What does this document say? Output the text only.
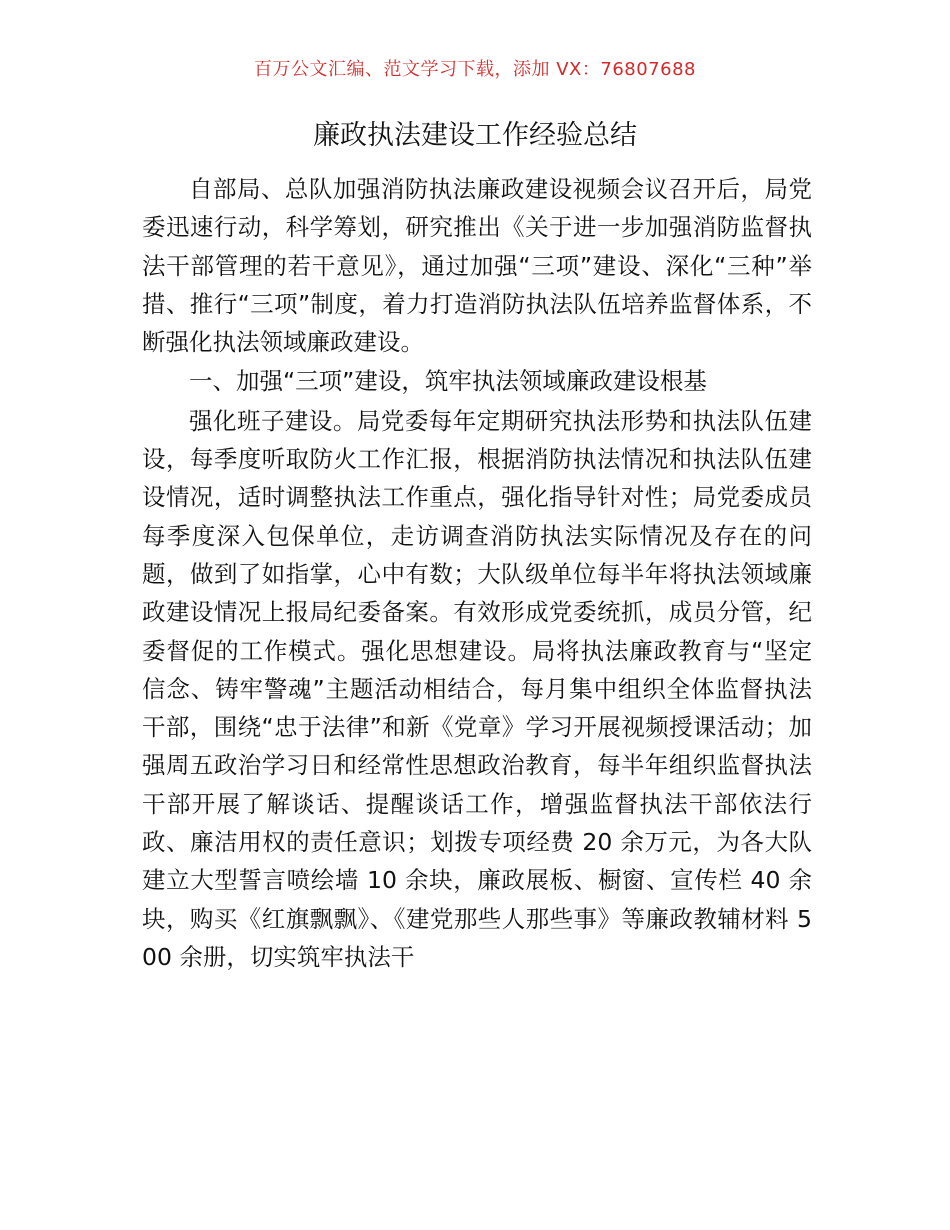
百万公文汇编、范文学习下载，添加 VX：76807688
廉政执法建设工作经验总结

自部局、总队加强消防执法廉政建设视频会议召开后，局党委迅速行动，科学筹划，研究推出《关于进一步加强消防监督执法干部管理的若干意见》，通过加强“三项”建设、深化“三种”举措、推行“三项”制度，着力打造消防执法队伍培养监督体系，不断强化执法领域廉政建设。

一、加强“三项”建设，筑牢执法领域廉政建设根基

强化班子建设。局党委每年定期研究执法形势和执法队伍建设，每季度听取防火工作汇报，根据消防执法情况和执法队伍建设情况，适时调整执法工作重点，强化指导针对性；局党委成员每季度深入包保单位，走访调查消防执法实际情况及存在的问题，做到了如指掌，心中有数；大队级单位每半年将执法领域廉政建设情况上报局纪委备案。有效形成党委统抓，成员分管，纪委督促的工作模式。强化思想建设。局将执法廉政教育与“坚定信念、铸牢警魂”主题活动相结合，每月集中组织全体监督执法干部，围绕“忠于法律”和新《党章》学习开展视频授课活动；加强周五政治学习日和经常性思想政治教育，每半年组织监督执法干部开展了解谈话、提醒谈话工作，增强监督执法干部依法行政、廉洁用权的责任意识；划拨专项经费 20 余万元，为各大队建立大型誓言喷绘墙 10 余块，廉政展板、橱窗、宣传栏 40 余块，购买《红旗飘飘》、《建党那些人那些事》等廉政教辅材料 500 余册，切实筑牢执法干
